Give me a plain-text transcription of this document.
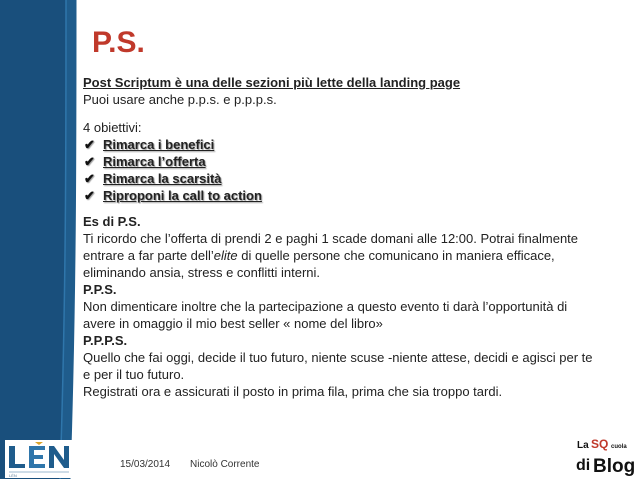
P.S.

Post Scriptum è una delle sezioni più lette della landing page

Puoi usare anche p.p.s. e p.p.p.s.

4 obiettivi:

✔ Rimarca i benefici
✔ Rimarca l’offerta
✔ Rimarca la scarsità
✔ Riproponi la call to action

Es di P.S.

Ti ricordo che l’offerta di prendi 2 e paghi 1 scade domani alle 12:00. Potrai finalmente entrare a far parte dell’elite di quelle persone che comunicano in maniera efficace, eliminando ansia, stress e conflitti interni.

P.P.S.

Non dimenticare inoltre che la partecipazione a questo evento ti darà l’opportunità di avere in omaggio il mio best seller « nome del libro»

P.P.P.S.

Quello che fai oggi, decide il tuo futuro, niente scuse -niente attese, decidi e agisci per te e per il tuo futuro.

Registrati ora e assicurati il posto in prima fila, prima che sia troppo tardi.

LÉN
15/03/2014 Nicolò Corrente
La SQ cuola
di Blog
